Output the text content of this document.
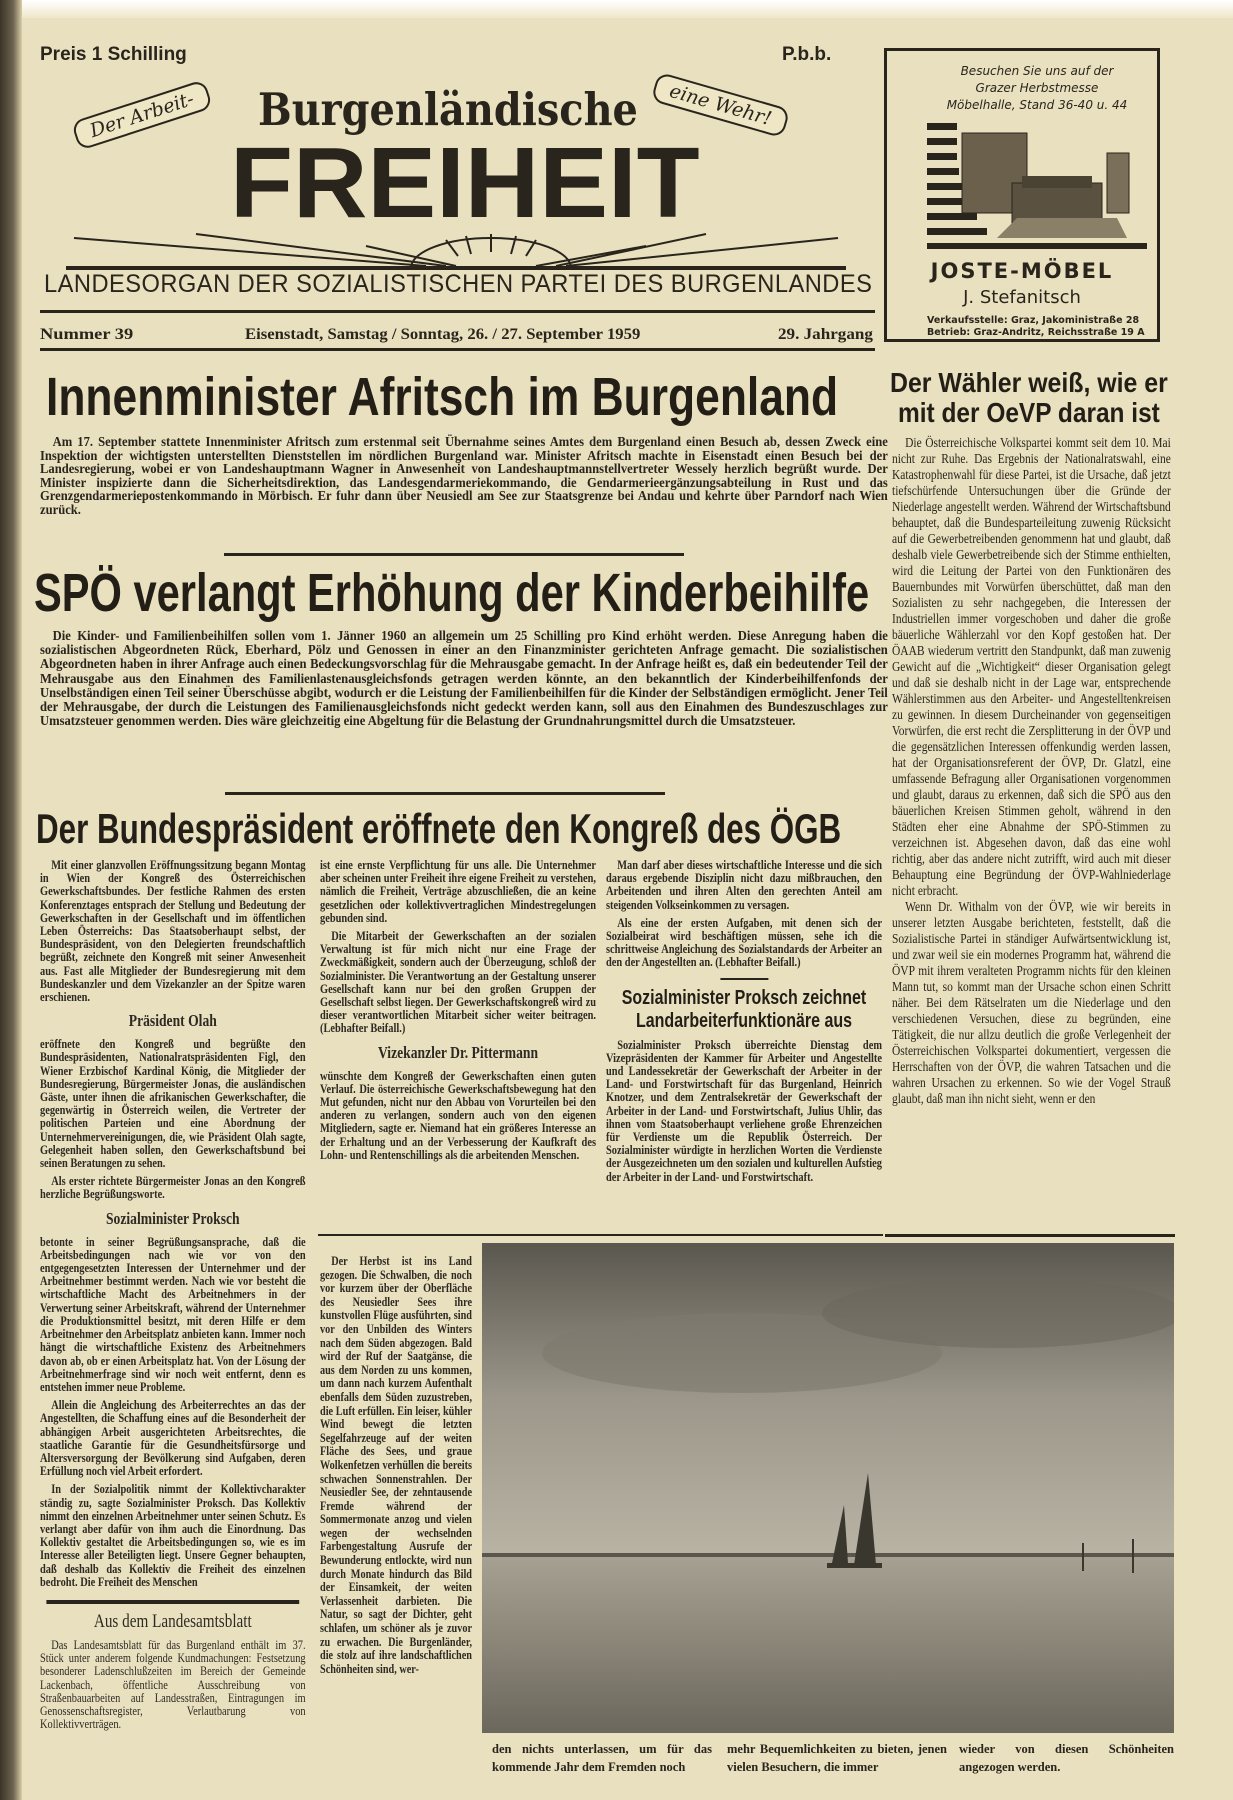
Preis 1 Schilling	P.b.b.
Der Arbeit-	eine Wehr!
Burgenländische
FREIHEIT
LANDESORGAN DER SOZIALISTISCHEN PARTEI DES BURGENLANDES
Nummer 39	Eisenstadt, Samstag / Sonntag, 26. / 27. September 1959	29. Jahrgang
Besuchen Sie uns auf der
Grazer Herbstmesse
Möbelhalle, Stand 36-40 u. 44
JOSTE-MÖBEL
J. Stefanitsch
Verkaufsstelle: Graz, Jakoministraße 28
Betrieb: Graz-Andritz, Reichsstraße 19 A
Innenminister Afritsch im Burgenland

Am 17. September stattete Innenminister Afritsch zum erstenmal seit Übernahme seines Amtes dem Burgenland einen Besuch ab, dessen Zweck eine Inspektion der wichtigsten unterstellten Dienststellen im nördlichen Burgenland war. Minister Afritsch machte in Eisenstadt einen Besuch bei der Landesregierung, wobei er von Landeshauptmann Wagner in Anwesenheit von Landeshauptmannstellvertreter Wessely herzlich begrüßt wurde. Der Minister inspizierte dann die Sicherheitsdirektion, das Landesgendarmeriekommando, die Gendarmerieergänzungsabteilung in Rust und das Grenzgendarmeriepostenkommando in Mörbisch. Er fuhr dann über Neusiedl am See zur Staatsgrenze bei Andau und kehrte über Parndorf nach Wien zurück.

SPÖ verlangt Erhöhung der Kinderbeihilfe

Die Kinder- und Familienbeihilfen sollen vom 1. Jänner 1960 an allgemein um 25 Schilling pro Kind erhöht werden. Diese Anregung haben die sozialistischen Abgeordneten Rück, Eberhard, Pölz und Genossen in einer an den Finanzminister gerichteten Anfrage gemacht. Die sozialistischen Abgeordneten haben in ihrer Anfrage auch einen Bedeckungsvorschlag für die Mehrausgabe gemacht. In der Anfrage heißt es, daß ein bedeutender Teil der Mehrausgabe aus den Einahmen des Familienlastenausgleichsfonds getragen werden könnte, an den bekanntlich der Kinderbeihilfenfonds der Unselbständigen einen Teil seiner Überschüsse abgibt, wodurch er die Leistung der Familienbeihilfen für die Kinder der Selbständigen ermöglicht. Jener Teil der Mehrausgabe, der durch die Leistungen des Familienausgleichsfonds nicht gedeckt werden kann, soll aus den Einahmen des Bundeszuschlages zur Umsatzsteuer genommen werden. Dies wäre gleichzeitig eine Abgeltung für die Belastung der Grundnahrungsmittel durch die Umsatzsteuer.

Der Bundespräsident eröffnete den Kongreß des ÖGB

Mit einer glanzvollen Eröffnungssitzung begann Montag in Wien der Kongreß des Österreichischen Gewerkschaftsbundes. Der festliche Rahmen des ersten Konferenztages entsprach der Stellung und Bedeutung der Gewerkschaften in der Gesellschaft und im öffentlichen Leben Österreichs: Das Staatsoberhaupt selbst, der Bundespräsident, von den Delegierten freundschaftlich begrüßt, zeichnete den Kongreß mit seiner Anwesenheit aus. Fast alle Mitglieder der Bundesregierung mit dem Bundeskanzler und dem Vizekanzler an der Spitze waren erschienen.

Präsident Olah

eröffnete den Kongreß und begrüßte den Bundespräsidenten, Nationalratspräsidenten Figl, den Wiener Erzbischof Kardinal König, die Mitglieder der Bundesregierung, Bürgermeister Jonas, die ausländischen Gäste, unter ihnen die afrikanischen Gewerkschafter, die gegenwärtig in Österreich weilen, die Vertreter der politischen Parteien und eine Abordnung der Unternehmervereinigungen, die, wie Präsident Olah sagte, Gelegenheit haben sollen, den Gewerkschaftsbund bei seinen Beratungen zu sehen.

Als erster richtete Bürgermeister Jonas an den Kongreß herzliche Begrüßungsworte.

Sozialminister Proksch

betonte in seiner Begrüßungsansprache, daß die Arbeitsbedingungen nach wie vor von den entgegengesetzten Interessen der Unternehmer und der Arbeitnehmer bestimmt werden. Nach wie vor besteht die wirtschaftliche Macht des Arbeitnehmers in der Verwertung seiner Arbeitskraft, während der Unternehmer die Produktionsmittel besitzt, mit deren Hilfe er dem Arbeitnehmer den Arbeitsplatz anbieten kann. Immer noch hängt die wirtschaftliche Existenz des Arbeitnehmers davon ab, ob er einen Arbeitsplatz hat. Von der Lösung der Arbeitnehmerfrage sind wir noch weit entfernt, denn es entstehen immer neue Probleme.

Allein die Angleichung des Arbeiterrechtes an das der Angestellten, die Schaffung eines auf die Besonderheit der abhängigen Arbeit ausgerichteten Arbeitsrechtes, die staatliche Garantie für die Gesundheitsfürsorge und Altersversorgung der Bevölkerung sind Aufgaben, deren Erfüllung noch viel Arbeit erfordert.

In der Sozialpolitik nimmt der Kollektivcharakter ständig zu, sagte Sozialminister Proksch. Das Kollektiv nimmt den einzelnen Arbeitnehmer unter seinen Schutz. Es verlangt aber dafür von ihm auch die Einordnung. Das Kollektiv gestaltet die Arbeitsbedingungen so, wie es im Interesse aller Beteiligten liegt. Unsere Gegner behaupten, daß deshalb das Kollektiv die Freiheit des einzelnen bedroht. Die Freiheit des Menschen

Aus dem Landesamtsblatt

Das Landesamtsblatt für das Burgenland enthält im 37. Stück unter anderem folgende Kundmachungen: Festsetzung besonderer Ladenschlußzeiten im Bereich der Gemeinde Lackenbach, öffentliche Ausschreibung von Straßenbauarbeiten auf Landesstraßen, Eintragungen im Genossenschaftsregister, Verlautbarung von Kollektivverträgen.

ist eine ernste Verpflichtung für uns alle. Die Unternehmer aber scheinen unter Freiheit ihre eigene Freiheit zu verstehen, nämlich die Freiheit, Verträge abzuschließen, die an keine gesetzlichen oder kollektivvertraglichen Mindestregelungen gebunden sind.

Die Mitarbeit der Gewerkschaften an der sozialen Verwaltung ist für mich nicht nur eine Frage der Zweckmäßigkeit, sondern auch der Überzeugung, schloß der Sozialminister. Die Verantwortung an der Gestaltung unserer Gesellschaft kann nur bei den großen Gruppen der Gesellschaft selbst liegen. Der Gewerkschaftskongreß wird zu dieser verantwortlichen Mitarbeit sicher weiter beitragen. (Lebhafter Beifall.)

Vizekanzler Dr. Pittermann

wünschte dem Kongreß der Gewerkschaften einen guten Verlauf. Die österreichische Gewerkschaftsbewegung hat den Mut gefunden, nicht nur den Abbau von Vorurteilen bei den anderen zu verlangen, sondern auch von den eigenen Mitgliedern, sagte er. Niemand hat ein größeres Interesse an der Erhaltung und an der Verbesserung der Kaufkraft des Lohn- und Rentenschillings als die arbeitenden Menschen.

Man darf aber dieses wirtschaftliche Interesse und die sich daraus ergebende Disziplin nicht dazu mißbrauchen, den Arbeitenden und ihren Alten den gerechten Anteil am steigenden Volkseinkommen zu versagen.

Als eine der ersten Aufgaben, mit denen sich der Sozialbeirat wird beschäftigen müssen, sehe ich die schrittweise Angleichung des Sozialstandards der Arbeiter an den der Angestellten an. (Lebhafter Beifall.)

Sozialminister Proksch zeichnet Landarbeiterfunktionäre aus

Sozialminister Proksch überreichte Dienstag dem Vizepräsidenten der Kammer für Arbeiter und Angestellte und Landessekretär der Gewerkschaft der Arbeiter in der Land- und Forstwirtschaft für das Burgenland, Heinrich Knotzer, und dem Zentralsekretär der Gewerkschaft der Arbeiter in der Land- und Forstwirtschaft, Julius Uhlir, das ihnen vom Staatsoberhaupt verliehene große Ehrenzeichen für Verdienste um die Republik Österreich. Der Sozialminister würdigte in herzlichen Worten die Verdienste der Ausgezeichneten um den sozialen und kulturellen Aufstieg der Arbeiter in der Land- und Forstwirtschaft.

Der Wähler weiß, wie er
mit der OeVP daran ist

Die Österreichische Volkspartei kommt seit dem 10. Mai nicht zur Ruhe. Das Ergebnis der Nationalratswahl, eine Katastrophenwahl für diese Partei, ist die Ursache, daß jetzt tiefschürfende Untersuchungen über die Gründe der Niederlage angestellt werden. Während der Wirtschaftsbund behauptet, daß die Bundesparteileitung zuwenig Rücksicht auf die Gewerbetreibenden genommenn hat und glaubt, daß deshalb viele Gewerbetreibende sich der Stimme enthielten, wird die Leitung der Partei von den Funktionären des Bauernbundes mit Vorwürfen überschüttet, daß man den Sozialisten zu sehr nachgegeben, die Interessen der Industriellen immer vorgeschoben und daher die große bäuerliche Wählerzahl vor den Kopf gestoßen hat. Der ÖAAB wiederum vertritt den Standpunkt, daß man zuwenig Gewicht auf die „Wichtigkeit“ dieser Organisation gelegt und daß sie deshalb nicht in der Lage war, entsprechende Wählerstimmen aus den Arbeiter- und Angestelltenkreisen zu gewinnen. In diesem Durcheinander von gegenseitigen Vorwürfen, die erst recht die Zersplitterung in der ÖVP und die gegensätzlichen Interessen offenkundig werden lassen, hat der Organisationsreferent der ÖVP, Dr. Glatzl, eine umfassende Befragung aller Organisationen vorgenommen und glaubt, daraus zu erkennen, daß sich die SPÖ aus den bäuerlichen Kreisen Stimmen geholt, während in den Städten eher eine Abnahme der SPÖ-Stimmen zu verzeichnen ist. Abgesehen davon, daß das eine wohl richtig, aber das andere nicht zutrifft, wird auch mit dieser Behauptung eine Begründung der ÖVP-Wahlniederlage nicht erbracht.

Wenn Dr. Withalm von der ÖVP, wie wir bereits in unserer letzten Ausgabe berichteten, feststellt, daß die Sozialistische Partei in ständiger Aufwärtsentwicklung ist, und zwar weil sie ein modernes Programm hat, während die ÖVP mit ihrem veralteten Programm nichts für den kleinen Mann tut, so kommt man der Ursache schon einen Schritt näher. Bei dem Rätselraten um die Niederlage und den verschiedenen Versuchen, diese zu begründen, eine Tätigkeit, die nur allzu deutlich die große Verlegenheit der Österreichischen Volkspartei dokumentiert, vergessen die Herrschaften von der ÖVP, die wahren Tatsachen und die wahren Ursachen zu erkennen. So wie der Vogel Strauß glaubt, daß man ihn nicht sieht, wenn er den

Der Herbst ist ins Land gezogen. Die Schwalben, die noch vor kurzem über der Oberfläche des Neusiedler Sees ihre kunstvollen Flüge ausführten, sind vor den Unbilden des Winters nach dem Süden abgezogen. Bald wird der Ruf der Saatgänse, die aus dem Norden zu uns kommen, um dann nach kurzem Aufenthalt ebenfalls dem Süden zuzustreben, die Luft erfüllen. Ein leiser, kühler Wind bewegt die letzten Segelfahrzeuge auf der weiten Fläche des Sees, und graue Wolkenfetzen verhüllen die bereits schwachen Sonnenstrahlen. Der Neusiedler See, der zehntausende Fremde während der Sommermonate anzog und vielen wegen der wechselnden Farbengestaltung Ausrufe der Bewunderung entlockte, wird nun durch Monate hindurch das Bild der Einsamkeit, der weiten Verlassenheit darbieten. Die Natur, so sagt der Dichter, geht schlafen, um schöner als je zuvor zu erwachen. Die Burgenländer, die stolz auf ihre landschaftlichen Schönheiten sind, wer-

den nichts unterlassen, um für das kommende Jahr dem Fremden noch
mehr Bequemlichkeiten zu bieten, jenen vielen Besuchern, die immer
wieder von diesen Schönheiten angezogen werden.
